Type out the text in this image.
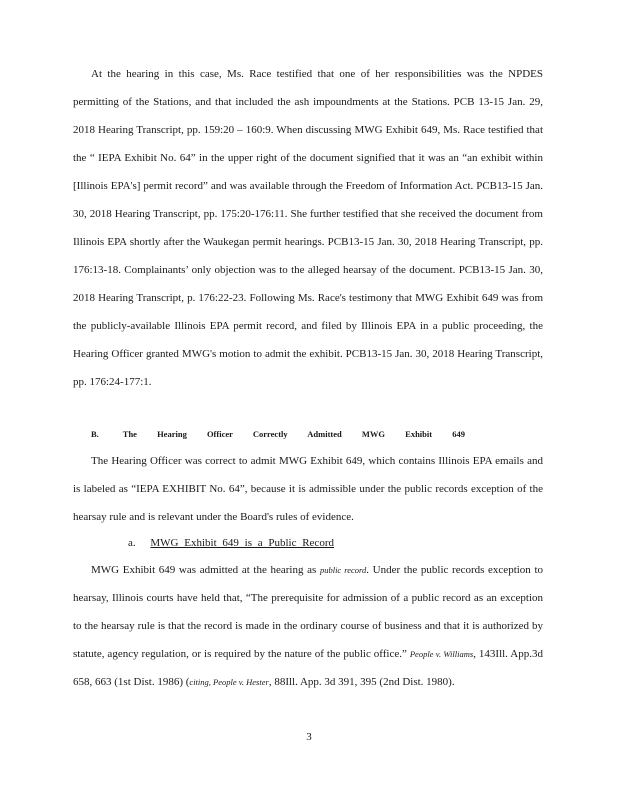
At the hearing in this case, Ms. Race testified that one of her responsibilities was the NPDES permitting of the Stations, and that included the ash impoundments at the Stations. PCB 13-15 Jan. 29, 2018 Hearing Transcript, pp. 159:20 – 160:9. When discussing MWG Exhibit 649, Ms. Race testified that the “ IEPA Exhibit No. 64” in the upper right of the document signified that it was an “an exhibit within [Illinois EPA's] permit record” and was available through the Freedom of Information Act. PCB13-15 Jan. 30, 2018 Hearing Transcript, pp. 175:20-176:11. She further testified that she received the document from Illinois EPA shortly after the Waukegan permit hearings. PCB13-15 Jan. 30, 2018 Hearing Transcript, pp. 176:13-18. Complainants’ only objection was to the alleged hearsay of the document. PCB13-15 Jan. 30, 2018 Hearing Transcript, p. 176:22-23. Following Ms. Race's testimony that MWG Exhibit 649 was from the publicly-available Illinois EPA permit record, and filed by Illinois EPA in a public proceeding, the Hearing Officer granted MWG's motion to admit the exhibit. PCB13-15 Jan. 30, 2018 Hearing Transcript, pp. 176:24-177:1.
B.	The Hearing Officer Correctly Admitted MWG Exhibit 649
The Hearing Officer was correct to admit MWG Exhibit 649, which contains Illinois EPA emails and is labeled as “IEPA EXHIBIT No. 64”, because it is admissible under the public records exception of the hearsay rule and is relevant under the Board's rules of evidence.
a. MWG Exhibit 649 is a Public Record
MWG Exhibit 649 was admitted at the hearing as public record. Under the public records exception to hearsay, Illinois courts have held that, “The prerequisite for admission of a public record as an exception to the hearsay rule is that the record is made in the ordinary course of business and that it is authorized by statute, agency regulation, or is required by the nature of the public office.” People v. Williams, 143Ill. App.3d 658, 663 (1st Dist. 1986) (citing, People v. Hester, 88Ill. App. 3d 391, 395 (2nd Dist. 1980).
3
